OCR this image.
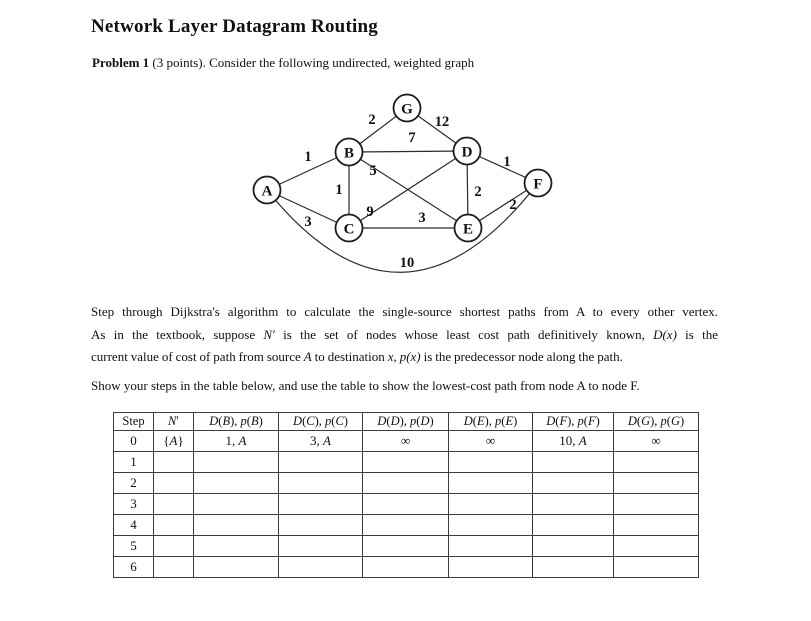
Network Layer Datagram Routing

Problem 1 (3 points). Consider the following undirected, weighted graph

1
3
2	12
7
1
5
9	3
2
1
2
10
A
B
C
D
E
F
G
Step through Dijkstra's algorithm to calculate the single-source shortest paths from A to every other vertex.
As in the textbook, suppose N′ is the set of nodes whose least cost path definitively known, D(x) is the
current value of cost of path from source A to destination x, p(x) is the predecessor node along the path.

Show your steps in the table below, and use the table to show the lowest-cost path from node A to node F.

Step	N′	D(B), p(B)	D(C), p(C)	D(D), p(D)	D(E), p(E)	D(F), p(F)	D(G), p(G)
0	{A}	1, A	3, A	∞	∞	10, A	∞
1							
2							
3							
4							
5							
6							
